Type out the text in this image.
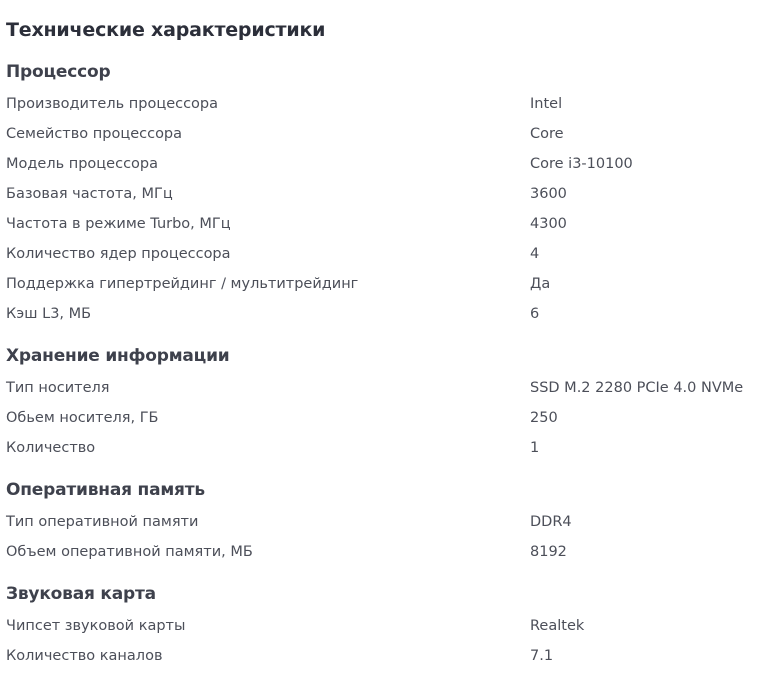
Технические характеристики
Процессор
Производитель процессора	Intel
Семейство процессора	Core
Модель процессора	Core i3-10100
Базовая частота, МГц	3600
Частота в режиме Turbo, МГц	4300
Количество ядер процессора	4
Поддержка гипертрейдинг / мультитрейдинг	Да
Кэш L3, МБ	6
Хранение информации
Тип носителя	SSD M.2 2280 PCIe 4.0 NVMe
Обьем носителя, ГБ	250
Количество	1
Оперативная память
Тип оперативной памяти	DDR4
Объем оперативной памяти, МБ	8192
Звуковая карта
Чипсет звуковой карты	Realtek
Количество каналов	7.1
